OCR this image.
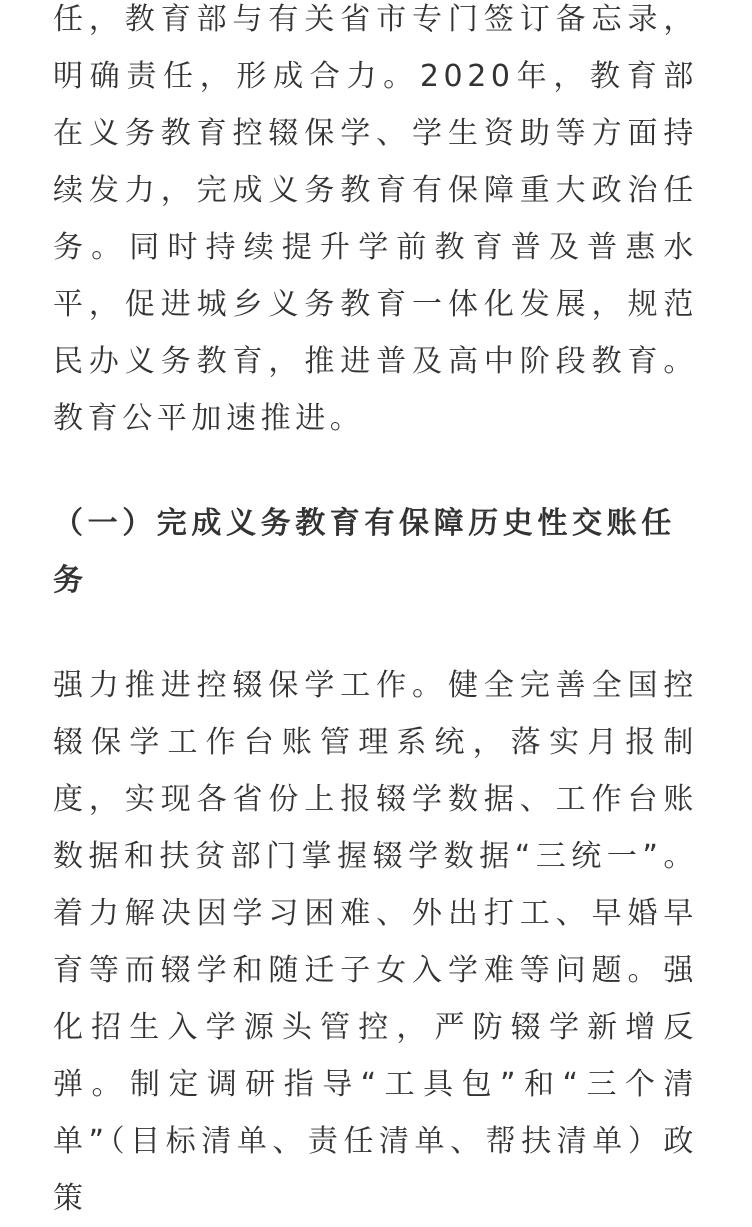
任，教育部与有关省市专门签订备忘录，明确责任，形成合力。2020年，教育部在义务教育控辍保学、学生资助等方面持续发力，完成义务教育有保障重大政治任务。同时持续提升学前教育普及普惠水平，促进城乡义务教育一体化发展，规范民办义务教育，推进普及高中阶段教育。教育公平加速推进。

（一）完成义务教育有保障历史性交账任务

强力推进控辍保学工作。健全完善全国控辍保学工作台账管理系统，落实月报制度，实现各省份上报辍学数据、工作台账数据和扶贫部门掌握辍学数据“三统一”。着力解决因学习困难、外出打工、早婚早育等而辍学和随迁子女入学难等问题。强化招生入学源头管控，严防辍学新增反弹。制定调研指导“工具包”和“三个清单”（目标清单、责任清单、帮扶清单）政策
